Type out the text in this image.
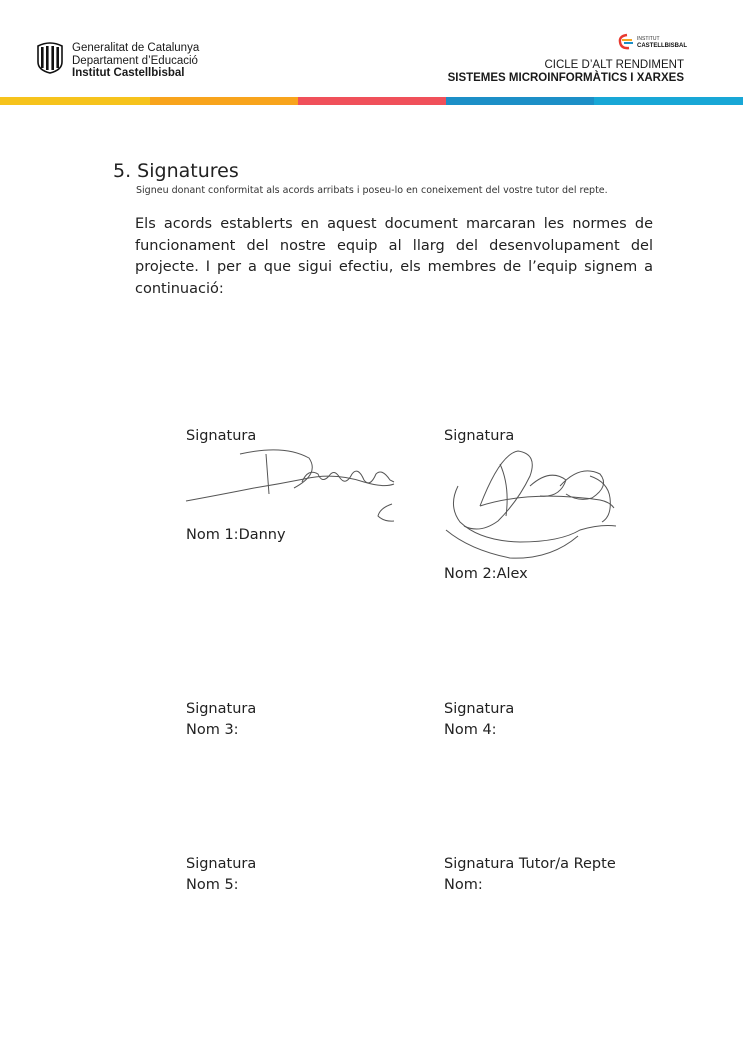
Generalitat de Catalunya
Departament d’Educació
Institut Castellbisbal
INSTITUT
CASTELLBISBAL
CICLE D’ALT RENDIMENT
SISTEMES MICROINFORMÀTICS I XARXES
5. Signatures
Signeu donant conformitat als acords arribats i poseu-lo en coneixement del vostre tutor del repte.
Els acords establerts en aquest document marcaran les normes de funcionament del nostre equip al llarg del desenvolupament del projecte. I per a que sigui efectiu, els membres de l’equip signem a continuació:
Signatura
Nom 1:Danny
Signatura
Nom 2:Alex
Signatura
Nom 3:
Signatura
Nom 4:
Signatura
Nom 5:
Signatura Tutor/a Repte
Nom:
